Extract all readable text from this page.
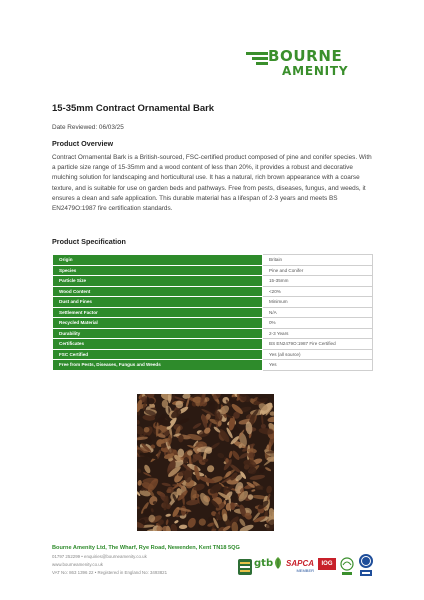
BOURNE
AMENITY
15-35mm Contract Ornamental Bark
Date Reviewed: 06/03/25
Product Overview
Contract Ornamental Bark is a British-sourced, FSC-certified product composed of pine and conifer species. With a particle size range of 15-35mm and a wood content of less than 20%, it provides a robust and decorative mulching solution for landscaping and horticultural use. It has a natural, rich brown appearance with a coarse texture, and is suitable for use on garden beds and pathways. Free from pests, diseases, fungus, and weeds, it ensures a clean and safe application. This durable material has a lifespan of 2-3 years and meets BS EN2479O:1987 fire certification standards.
Product Specification
Origin	Britain
Species	Pine and Conifer
Particle Size	15-35mm
Wood Content	<20%
Dust and Fines	Minimum
Settlement Factor	N/A
Recycled Material	0%
Durability	2-3 Years
Certificates	BS EN2479O:1987 Fire Certified
FSC Certified	Yes (all source)
Free from Pests, Diseases, Fungus and Weeds	Yes
Bourne Amenity Ltd, The Wharf, Rye Road, Newenden, Kent TN18 5QG
01797 252299 • enquiries@bourneamenity.co.uk
www.bourneamenity.co.uk
VAT No: 863 1396 22 • Registered in England No: 3493821
gtb SAPCA
MEMBER
IOG
